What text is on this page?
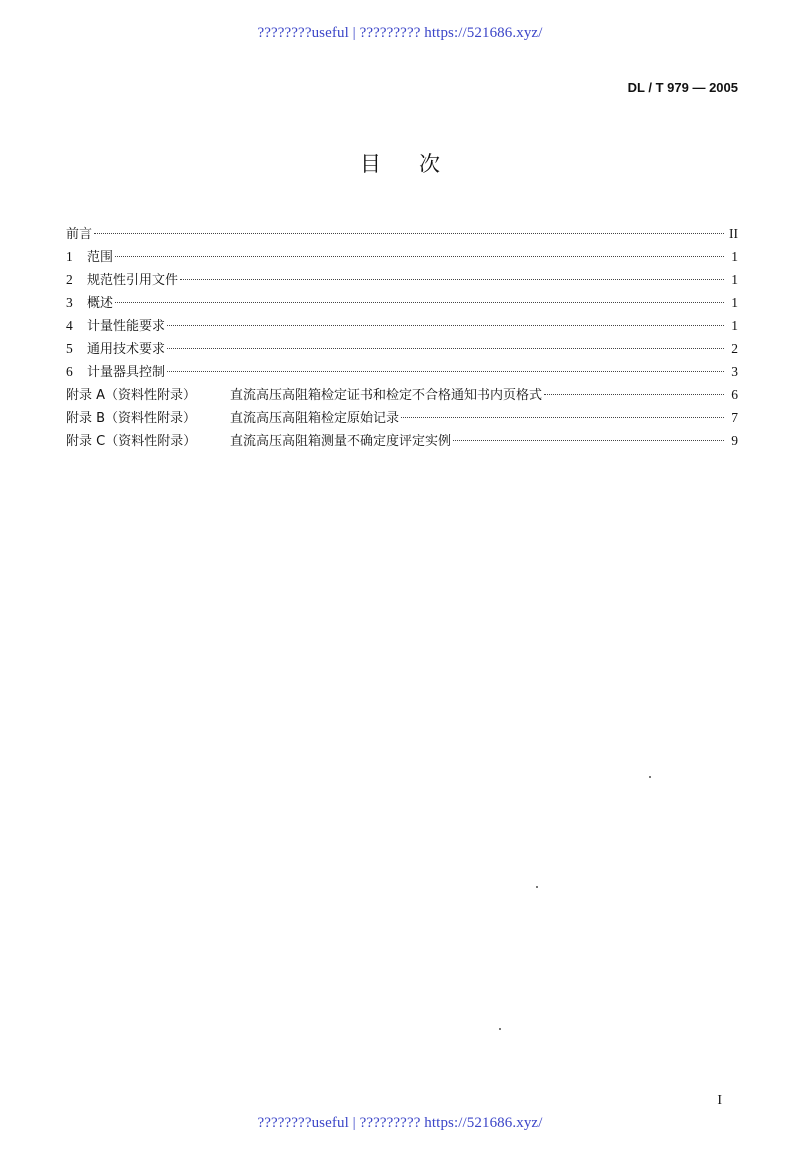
????????useful | ????????? https://521686.xyz/
DL / T 979 — 2005
目次
前言	II
1	范围	1
2	规范性引用文件	1
3	概述	1
4	计量性能要求	1
5	通用技术要求	2
6	计量器具控制	3
附录 A（资料性附录）	直流高压高阻箱检定证书和检定不合格通知书内页格式	6
附录 B（资料性附录）	直流高压高阻箱检定原始记录	7
附录 C（资料性附录）	直流高压高阻箱测量不确定度评定实例	9
I
????????useful | ????????? https://521686.xyz/
